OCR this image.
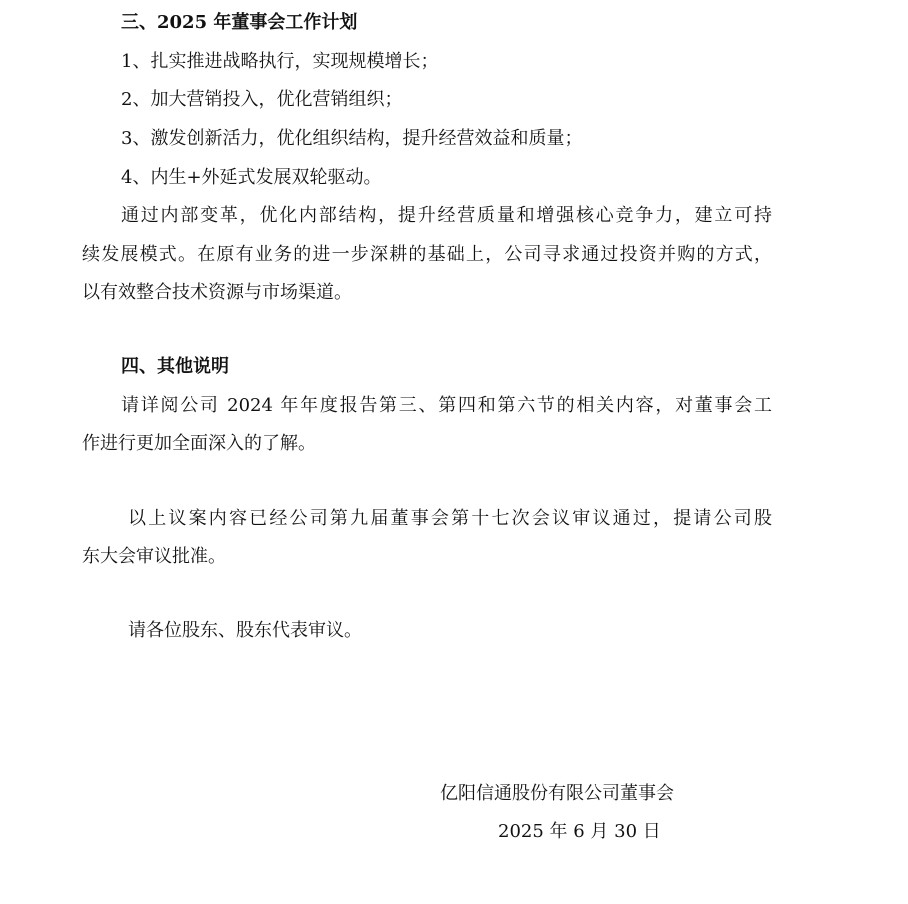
三、2025 年董事会工作计划
1、扎实推进战略执行，实现规模增长；
2、加大营销投入，优化营销组织；
3、激发创新活力，优化组织结构，提升经营效益和质量；
4、内生+外延式发展双轮驱动。
通过内部变革，优化内部结构，提升经营质量和增强核心竞争力，建立可持
续发展模式。在原有业务的进一步深耕的基础上，公司寻求通过投资并购的方式，
以有效整合技术资源与市场渠道。
四、其他说明
请详阅公司 2024 年年度报告第三、第四和第六节的相关内容，对董事会工
作进行更加全面深入的了解。
以上议案内容已经公司第九届董事会第十七次会议审议通过，提请公司股
东大会审议批准。
请各位股东、股东代表审议。
亿阳信通股份有限公司董事会
2025 年 6 月 30 日
